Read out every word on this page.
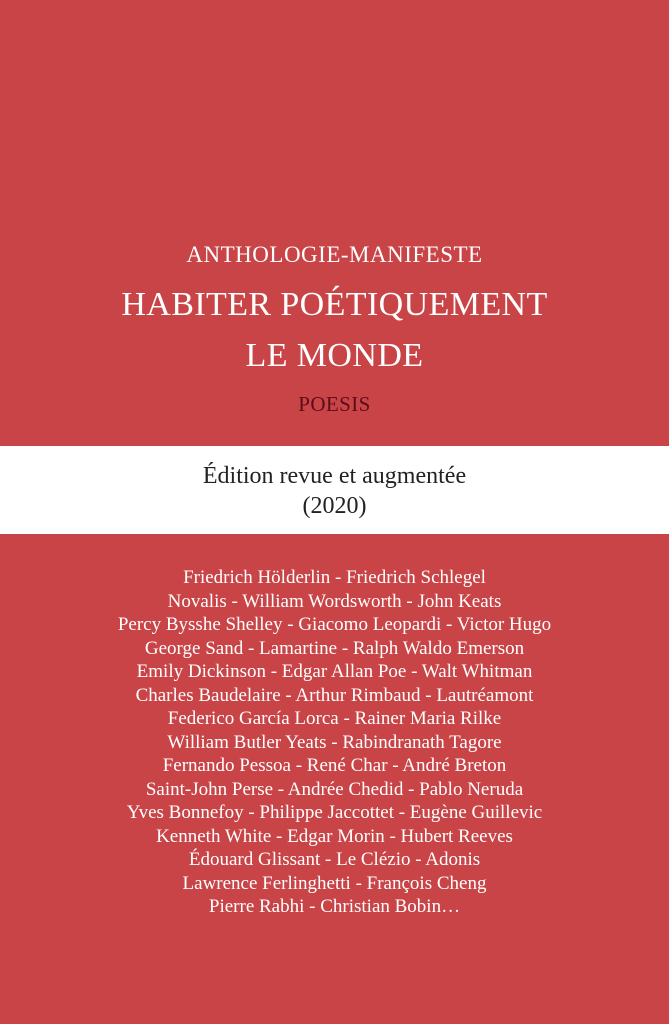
ANTHOLOGIE-MANIFESTE
HABITER POÉTIQUEMENT
LE MONDE
POESIS
Édition revue et augmentée
(2020)
Friedrich Hölderlin - Friedrich Schlegel
Novalis - William Wordsworth - John Keats
Percy Bysshe Shelley - Giacomo Leopardi - Victor Hugo
George Sand - Lamartine - Ralph Waldo Emerson
Emily Dickinson - Edgar Allan Poe - Walt Whitman
Charles Baudelaire - Arthur Rimbaud - Lautréamont
Federico García Lorca - Rainer Maria Rilke
William Butler Yeats - Rabindranath Tagore
Fernando Pessoa - René Char - André Breton
Saint-John Perse - Andrée Chedid - Pablo Neruda
Yves Bonnefoy - Philippe Jaccottet - Eugène Guillevic
Kenneth White - Edgar Morin - Hubert Reeves
Édouard Glissant - Le Clézio - Adonis
Lawrence Ferlinghetti - François Cheng
Pierre Rabhi - Christian Bobin…
